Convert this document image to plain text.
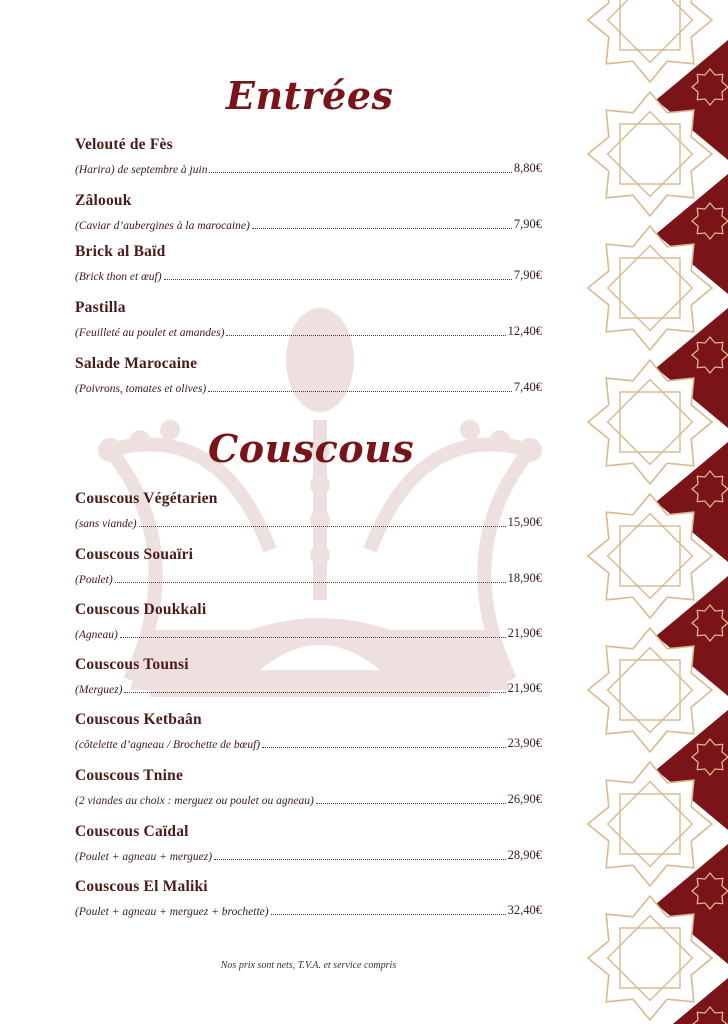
Entrées
Velouté de Fès
(Harira) de septembre à juin	8,80€
Zâloouk
(Caviar d’aubergines à la marocaine)	7,90€
Brick al Baïd
(Brick thon et œuf)	7,90€
Pastilla
(Feuilleté au poulet et amandes)	12,40€
Salade Marocaine
(Poivrons, tomates et olives)	7,40€
Couscous
Couscous Végétarien
(sans viande)	15,90€
Couscous Souaïri
(Poulet)	18,90€
Couscous Doukkali
(Agneau)	21,90€
Couscous Tounsi
(Merguez)	21,90€
Couscous Ketbaân
(côtelette d’agneau / Brochette de bœuf)	23,90€
Couscous Tnine
(2 viandes au choix : merguez ou poulet ou agneau)	26,90€
Couscous Caïdal
(Poulet + agneau + merguez)	28,90€
Couscous El Maliki
(Poulet + agneau + merguez + brochette)	32,40€
Nos prix sont nets, T.V.A. et service compris
